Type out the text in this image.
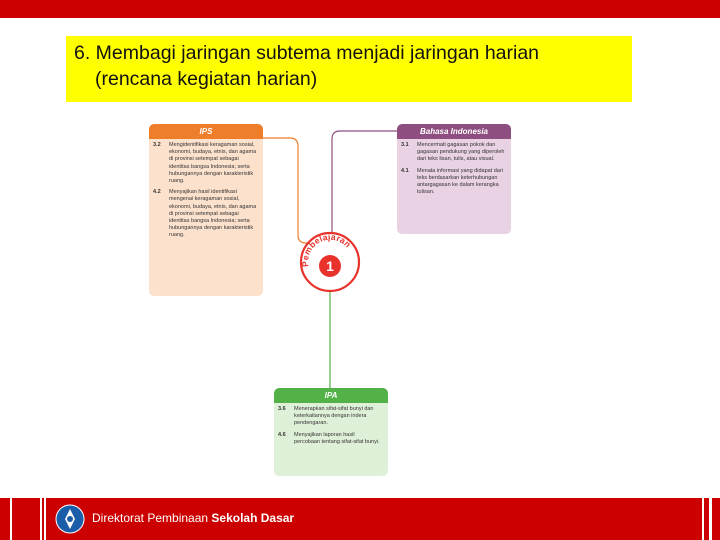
6. Membagi jaringan subtema menjadi jaringan harian
(rencana kegiatan harian)
IPS
3.2	Mengidentifikasi keragaman sosial, ekonomi, budaya, etnis, dan agama di provinsi setempat sebagai identitas bangsa Indonesia; serta hubungannya dengan karakteristik ruang.
4.2	Menyajikan hasil identifikasi mengenai keragaman sosial, ekonomi, budaya, etnis, dan agama di provinsi setempat sebagai identitas bangsa Indonesia; serta hubungannya dengan karakteristik ruang.
Bahasa Indonesia
3.1	Mencermati gagasan pokok dan gagasan pendukung yang diperoleh dari teks lisan, tulis, atau visual.
4.1	Menata informasi yang didapat dari teks berdasarkan keterhubungan antargagasan ke dalam kerangka tulisan.
IPA
3.6	Menerapkan sifat-sifat bunyi dan keterkaitannya dengan indera pendengaran.
4.6	Menyajikan laporan hasil percobaan tentang sifat-sifat bunyi.
Pembelajaran
1
Direktorat Pembinaan Sekolah Dasar
